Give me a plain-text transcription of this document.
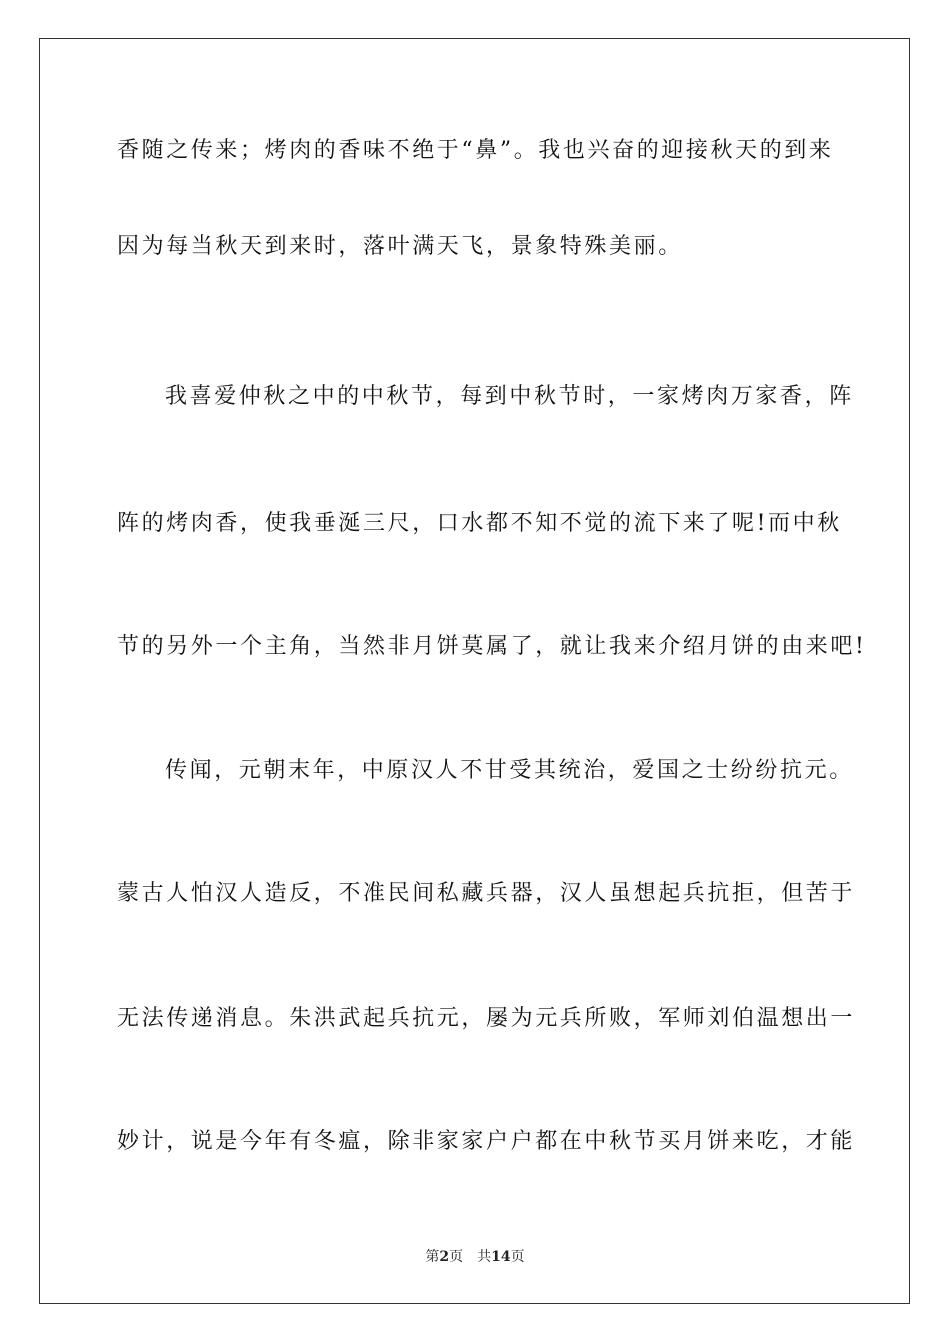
香随之传来；烤肉的香味不绝于“鼻”。我也兴奋的迎接秋天的到来
因为每当秋天到来时，落叶满天飞，景象特殊美丽。
我喜爱仲秋之中的中秋节，每到中秋节时，一家烤肉万家香，阵
阵的烤肉香，使我垂涎三尺，口水都不知不觉的流下来了呢!而中秋
节的另外一个主角，当然非月饼莫属了，就让我来介绍月饼的由来吧!
传闻，元朝末年，中原汉人不甘受其统治，爱国之士纷纷抗元。
蒙古人怕汉人造反，不准民间私藏兵器，汉人虽想起兵抗拒，但苦于
无法传递消息。朱洪武起兵抗元，屡为元兵所败，军师刘伯温想出一
妙计，说是今年有冬瘟，除非家家户户都在中秋节买月饼来吃，才能
第2页 共14页
